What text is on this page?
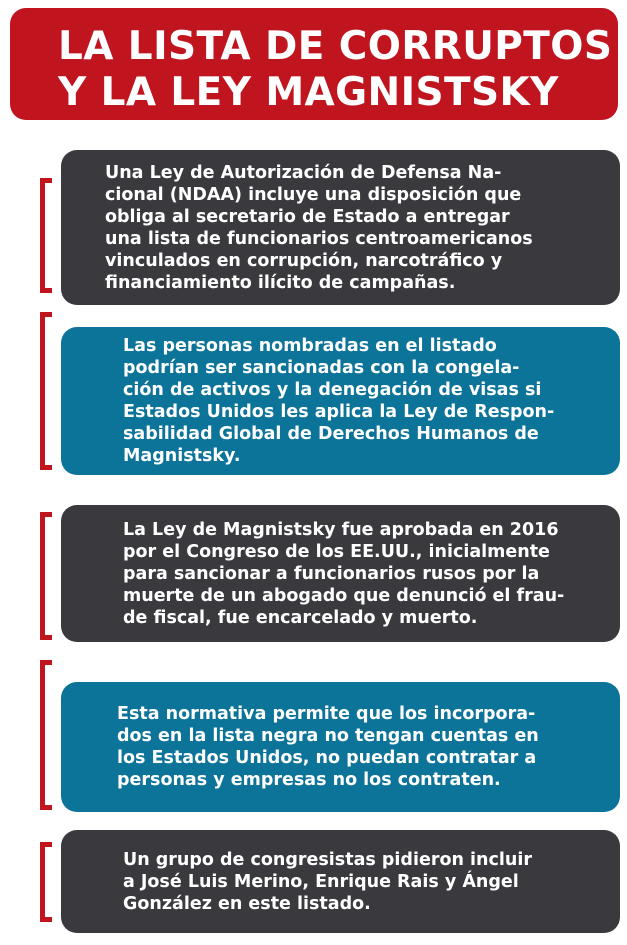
LA LISTA DE CORRUPTOS
Y LA LEY MAGNISTSKY
Una Ley de Autorización de Defensa Na-
cional (NDAA) incluye una disposición que
obliga al secretario de Estado a entregar
una lista de funcionarios centroamericanos
vinculados en corrupción, narcotráfico y
financiamiento ilícito de campañas.
Las personas nombradas en el listado
podrían ser sancionadas con la congela-
ción de activos y la denegación de visas si
Estados Unidos les aplica la Ley de Respon-
sabilidad Global de Derechos Humanos de
Magnistsky.
La Ley de Magnistsky fue aprobada en 2016
por el Congreso de los EE.UU., inicialmente
para sancionar a funcionarios rusos por la
muerte de un abogado que denunció el frau-
de fiscal, fue encarcelado y muerto.
Esta normativa permite que los incorpora-
dos en la lista negra no tengan cuentas en
los Estados Unidos, no puedan contratar a
personas y empresas no los contraten.
Un grupo de congresistas pidieron incluir
a José Luis Merino, Enrique Rais y Ángel
González en este listado.
